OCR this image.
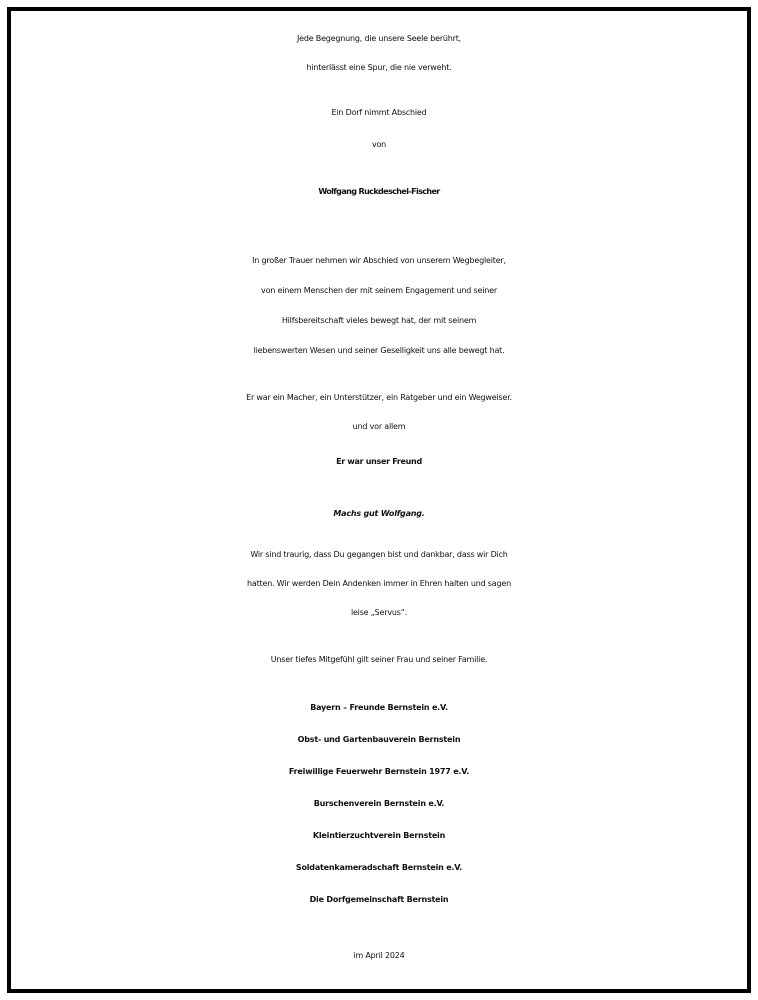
Jede Begegnung, die unsere Seele berührt,

hinterlässt eine Spur, die nie verweht.

Ein Dorf nimmt Abschied

von

Wolfgang Ruckdeschel-Fischer

In großer Trauer nehmen wir Abschied von unserem Wegbegleiter,

von einem Menschen der mit seinem Engagement und seiner

Hilfsbereitschaft vieles bewegt hat, der mit seinem

liebenswerten Wesen und seiner Geselligkeit uns alle bewegt hat.

Er war ein Macher, ein Unterstützer, ein Ratgeber und ein Wegweiser.

und vor allem

Er war unser Freund

Machs gut Wolfgang.

Wir sind traurig, dass Du gegangen bist und dankbar, dass wir Dich

hatten. Wir werden Dein Andenken immer in Ehren halten und sagen

leise „Servus“.

Unser tiefes Mitgefühl gilt seiner Frau und seiner Familie.

Bayern – Freunde Bernstein e.V.

Obst- und Gartenbauverein Bernstein

Freiwillige Feuerwehr Bernstein 1977 e.V.

Burschenverein Bernstein e.V.

Kleintierzuchtverein Bernstein

Soldatenkameradschaft Bernstein e.V.

Die Dorfgemeinschaft Bernstein

im April 2024
